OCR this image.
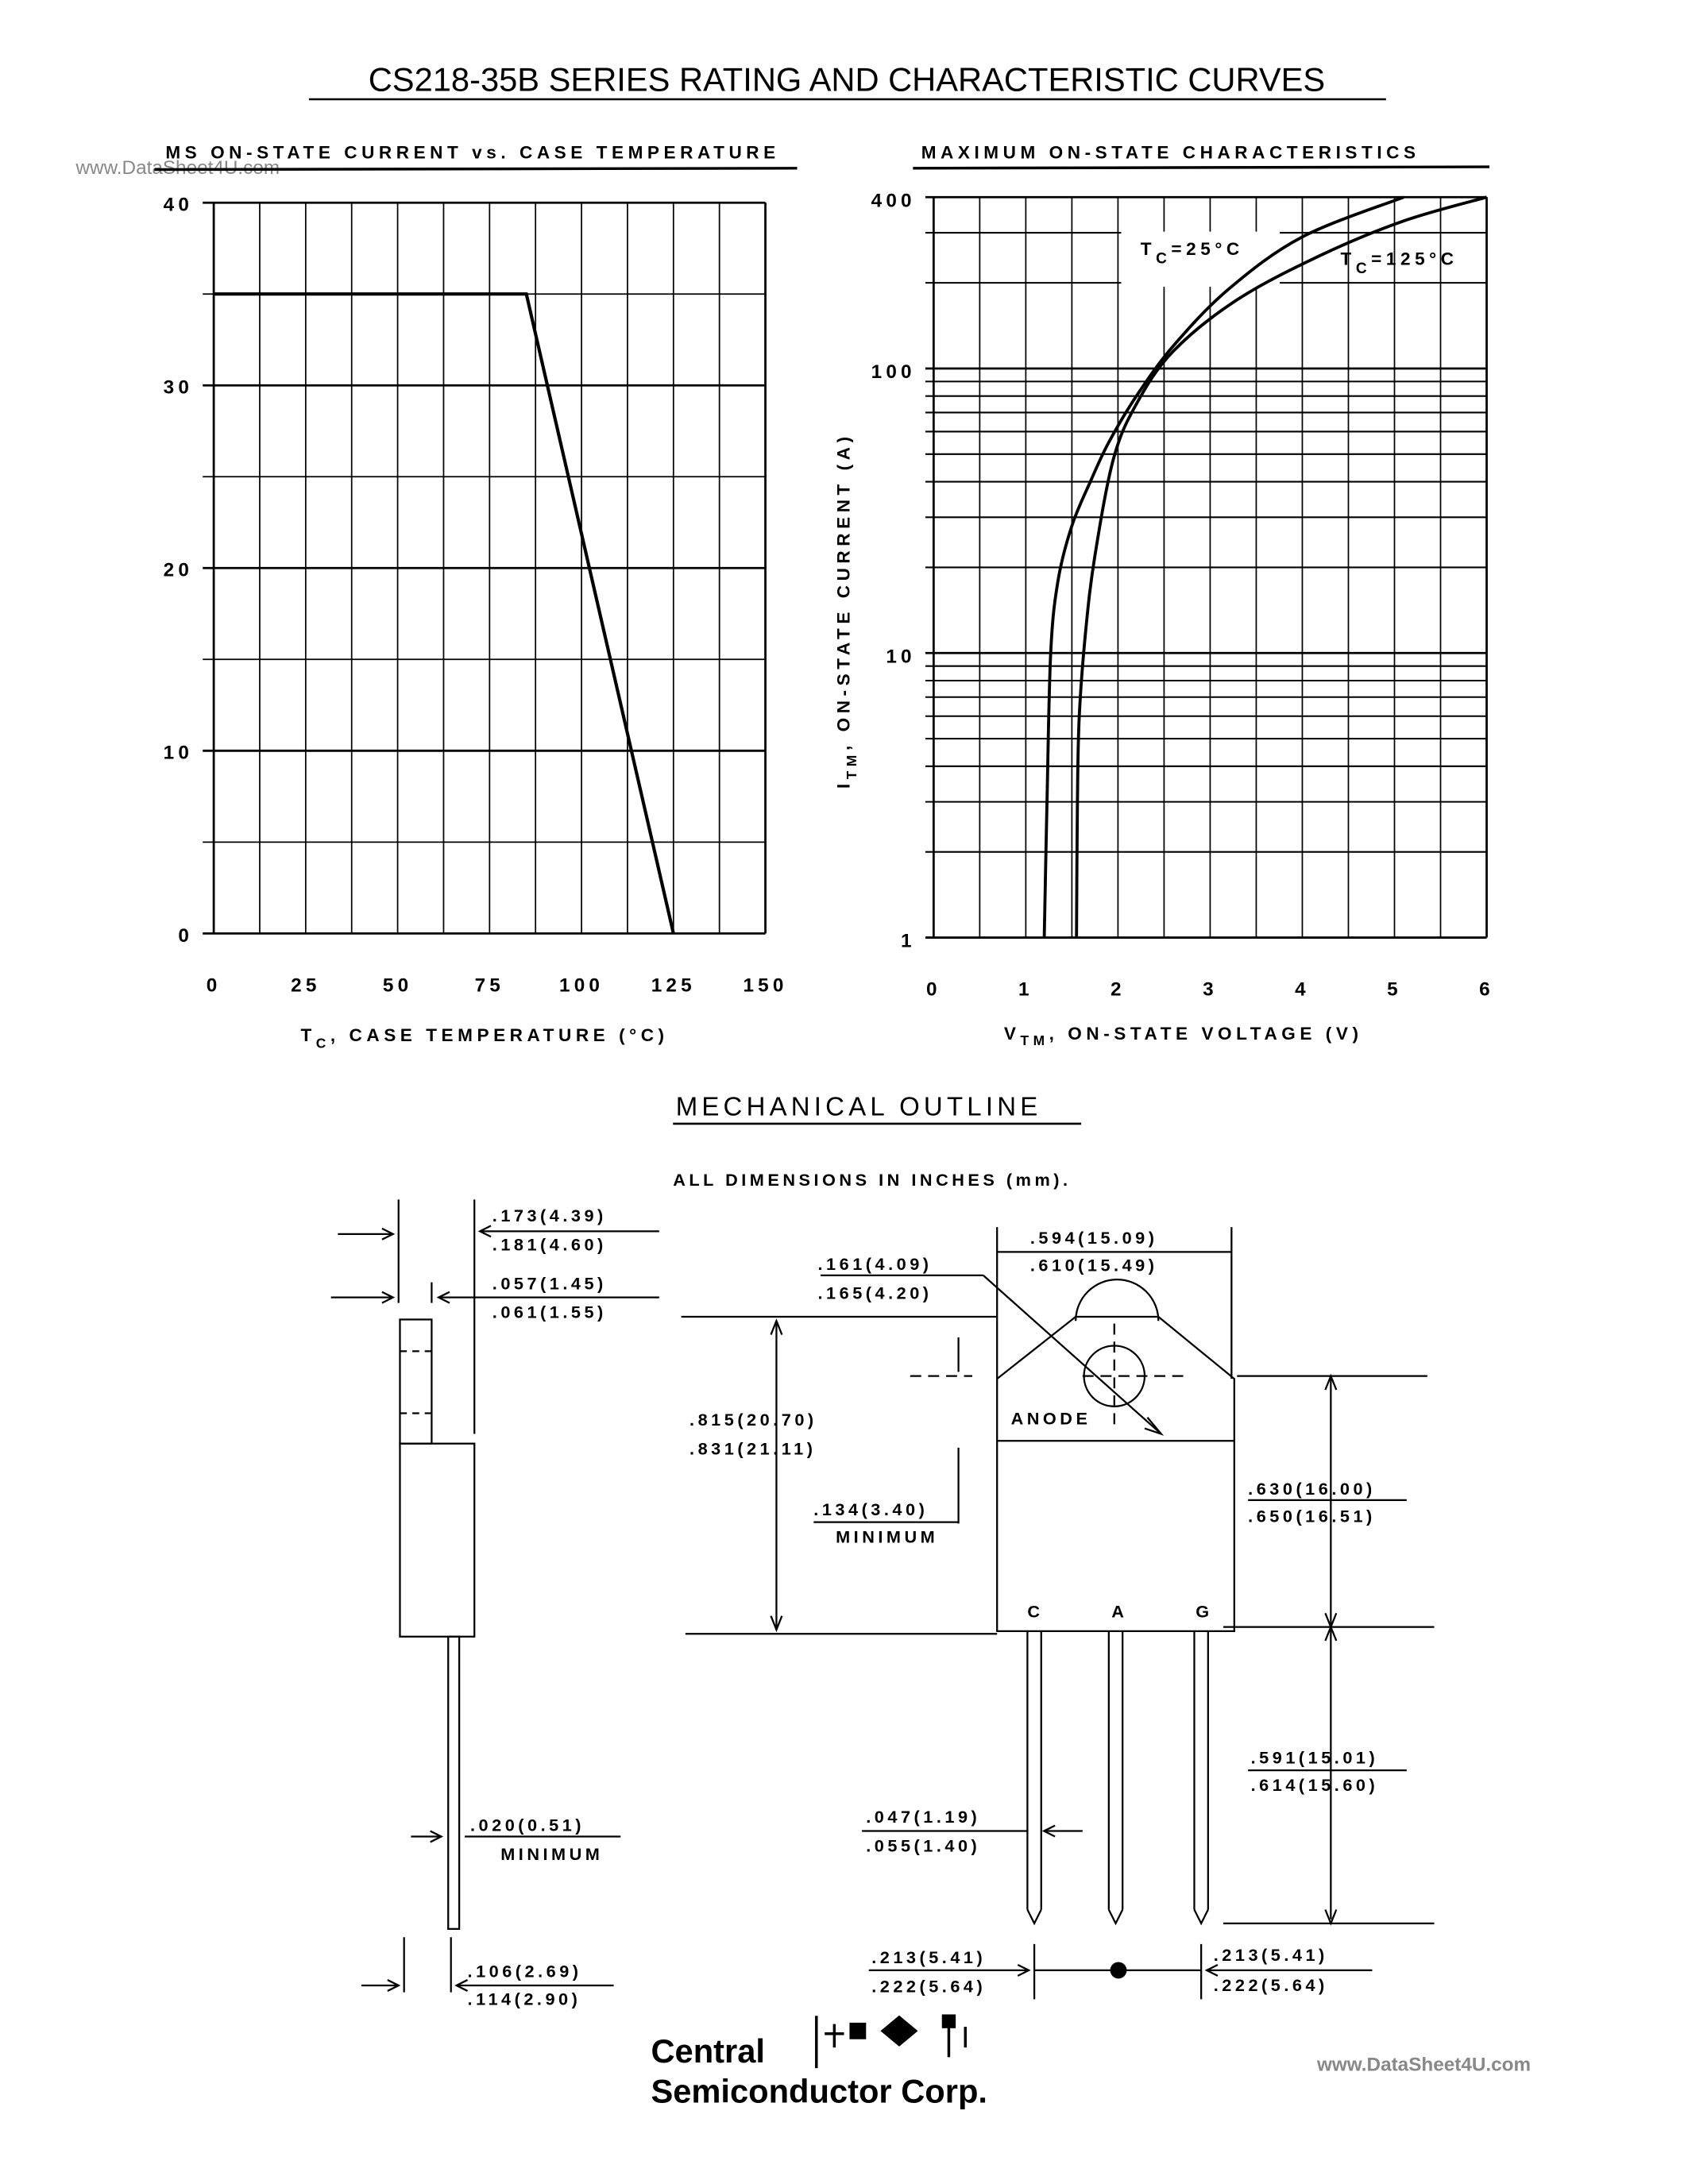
CS218-35B SERIES RATING AND CHARACTERISTIC CURVES
www.DataSheet4U.com
www.DataSheet4U.com
MS ON-STATE CURRENT vs. CASE TEMPERATURE
0	25	50	75	100	125	150
0
10
20
30
40
$T_C$, CASE TEMPERATURE (°C)
MAXIMUM ON-STATE CHARACTERISTICS
0	1	2	3	4	5	6
1
10
100
400
$T_C=25^\circ C$	$T_C=125^\circ C$
$V_{TM}$, ON-STATE VOLTAGE (V)
$I_{TM}$, ON-STATE CURRENT (A)
MECHANICAL OUTLINE
ALL DIMENSIONS IN INCHES (mm).
ANODE
C	A	G
.173(4.39)
.181(4.60)
.057(1.45)
.061(1.55)
.161(4.09)
.165(4.20)
.594(15.09)
.610(15.49)
.815(20.70)
.831(21.11)
.134(3.40)
MINIMUM
.630(16.00)
.650(16.51)
.591(15.01)
.614(15.60)
.020(0.51)
MINIMUM
.047(1.19)
.055(1.40)
.106(2.69)
.114(2.90)
.213(5.41)
.222(5.64)
.213(5.41)
.222(5.64)
Central
Semiconductor Corp.
